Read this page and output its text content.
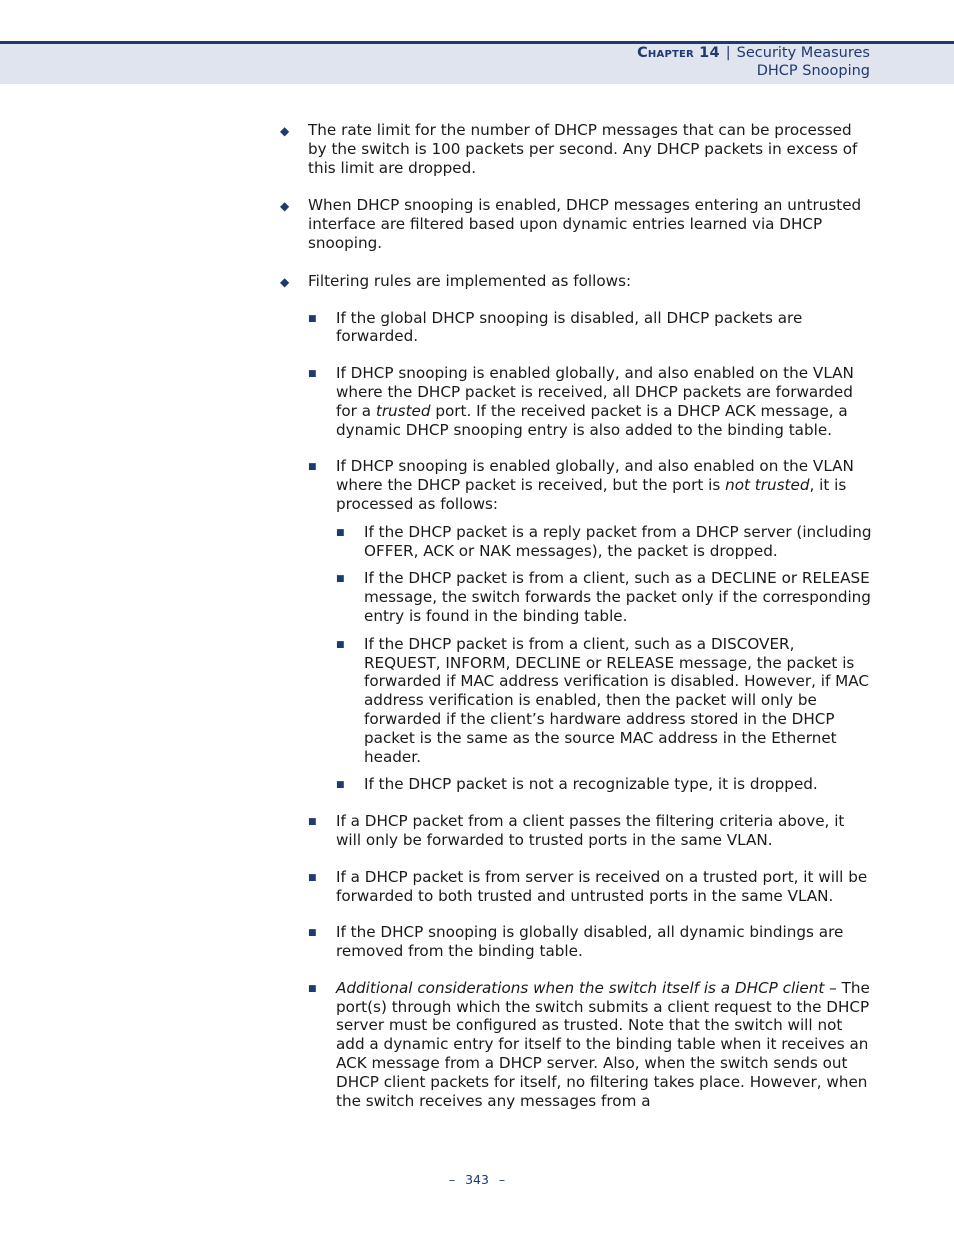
Chapter 14 | Security Measures
DHCP Snooping
◆ The rate limit for the number of DHCP messages that can be processed by the switch is 100 packets per second. Any DHCP packets in excess of this limit are dropped.
◆ When DHCP snooping is enabled, DHCP messages entering an untrusted interface are filtered based upon dynamic entries learned via DHCP snooping.
◆ Filtering rules are implemented as follows:
■ If the global DHCP snooping is disabled, all DHCP packets are forwarded.
■ If DHCP snooping is enabled globally, and also enabled on the VLAN where the DHCP packet is received, all DHCP packets are forwarded for a trusted port. If the received packet is a DHCP ACK message, a dynamic DHCP snooping entry is also added to the binding table.
■ If DHCP snooping is enabled globally, and also enabled on the VLAN where the DHCP packet is received, but the port is not trusted, it is processed as follows:
■ If the DHCP packet is a reply packet from a DHCP server (including OFFER, ACK or NAK messages), the packet is dropped.
■ If the DHCP packet is from a client, such as a DECLINE or RELEASE message, the switch forwards the packet only if the corresponding entry is found in the binding table.
■ If the DHCP packet is from a client, such as a DISCOVER, REQUEST, INFORM, DECLINE or RELEASE message, the packet is forwarded if MAC address verification is disabled. However, if MAC address verification is enabled, then the packet will only be forwarded if the client’s hardware address stored in the DHCP packet is the same as the source MAC address in the Ethernet header.
■ If the DHCP packet is not a recognizable type, it is dropped.
■ If a DHCP packet from a client passes the filtering criteria above, it will only be forwarded to trusted ports in the same VLAN.
■ If a DHCP packet is from server is received on a trusted port, it will be forwarded to both trusted and untrusted ports in the same VLAN.
■ If the DHCP snooping is globally disabled, all dynamic bindings are removed from the binding table.
■ Additional considerations when the switch itself is a DHCP client – The port(s) through which the switch submits a client request to the DHCP server must be configured as trusted. Note that the switch will not add a dynamic entry for itself to the binding table when it receives an ACK message from a DHCP server. Also, when the switch sends out DHCP client packets for itself, no filtering takes place. However, when the switch receives any messages from a
– 343 –
